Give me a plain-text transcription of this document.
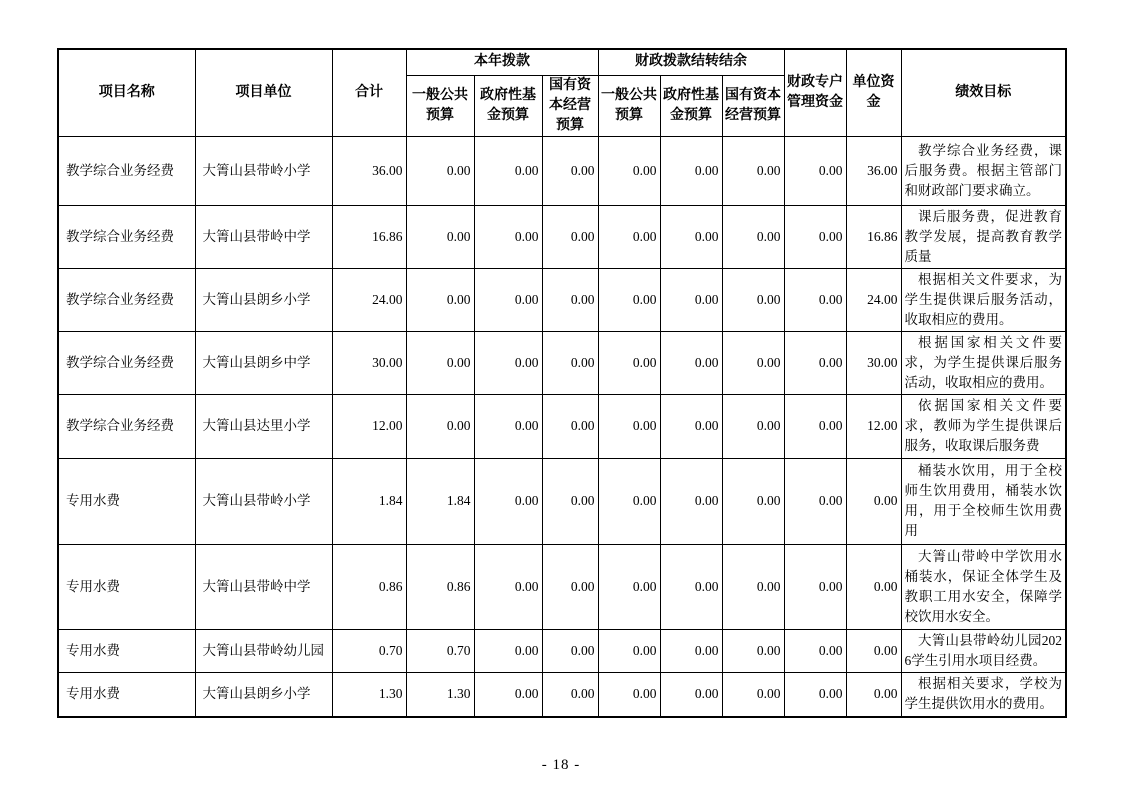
项目名称	项目单位	合计	本年拨款			财政拨款结转结余			财政专户管理资金	单位资金	绩效目标
			一般公共预算	政府性基金预算	国有资本经营预算	一般公共预算	政府性基金预算	国有资本经营预算			
教学综合业务经费	大箐山县带岭小学	36.00	0.00	0.00	0.00	0.00	0.00	0.00	0.00	36.00	教学综合业务经费，课后服务费。根据主管部门和财政部门要求确立。
教学综合业务经费	大箐山县带岭中学	16.86	0.00	0.00	0.00	0.00	0.00	0.00	0.00	16.86	课后服务费，促进教育教学发展，提高教育教学质量
教学综合业务经费	大箐山县朗乡小学	24.00	0.00	0.00	0.00	0.00	0.00	0.00	0.00	24.00	根据相关文件要求，为学生提供课后服务活动，收取相应的费用。
教学综合业务经费	大箐山县朗乡中学	30.00	0.00	0.00	0.00	0.00	0.00	0.00	0.00	30.00	根据国家相关文件要求，为学生提供课后服务活动，收取相应的费用。
教学综合业务经费	大箐山县达里小学	12.00	0.00	0.00	0.00	0.00	0.00	0.00	0.00	12.00	依据国家相关文件要求，教师为学生提供课后服务，收取课后服务费
专用水费	大箐山县带岭小学	1.84	1.84	0.00	0.00	0.00	0.00	0.00	0.00	0.00	桶装水饮用，用于全校师生饮用费用，桶装水饮用，用于全校师生饮用费用
专用水费	大箐山县带岭中学	0.86	0.86	0.00	0.00	0.00	0.00	0.00	0.00	0.00	大箐山带岭中学饮用水桶装水，保证全体学生及教职工用水安全，保障学校饮用水安全。
专用水费	大箐山县带岭幼儿园	0.70	0.70	0.00	0.00	0.00	0.00	0.00	0.00	0.00	大箐山县带岭幼儿园2026学生引用水项目经费。
专用水费	大箐山县朗乡小学	1.30	1.30	0.00	0.00	0.00	0.00	0.00	0.00	0.00	根据相关要求，学校为学生提供饮用水的费用。
- 18 -
